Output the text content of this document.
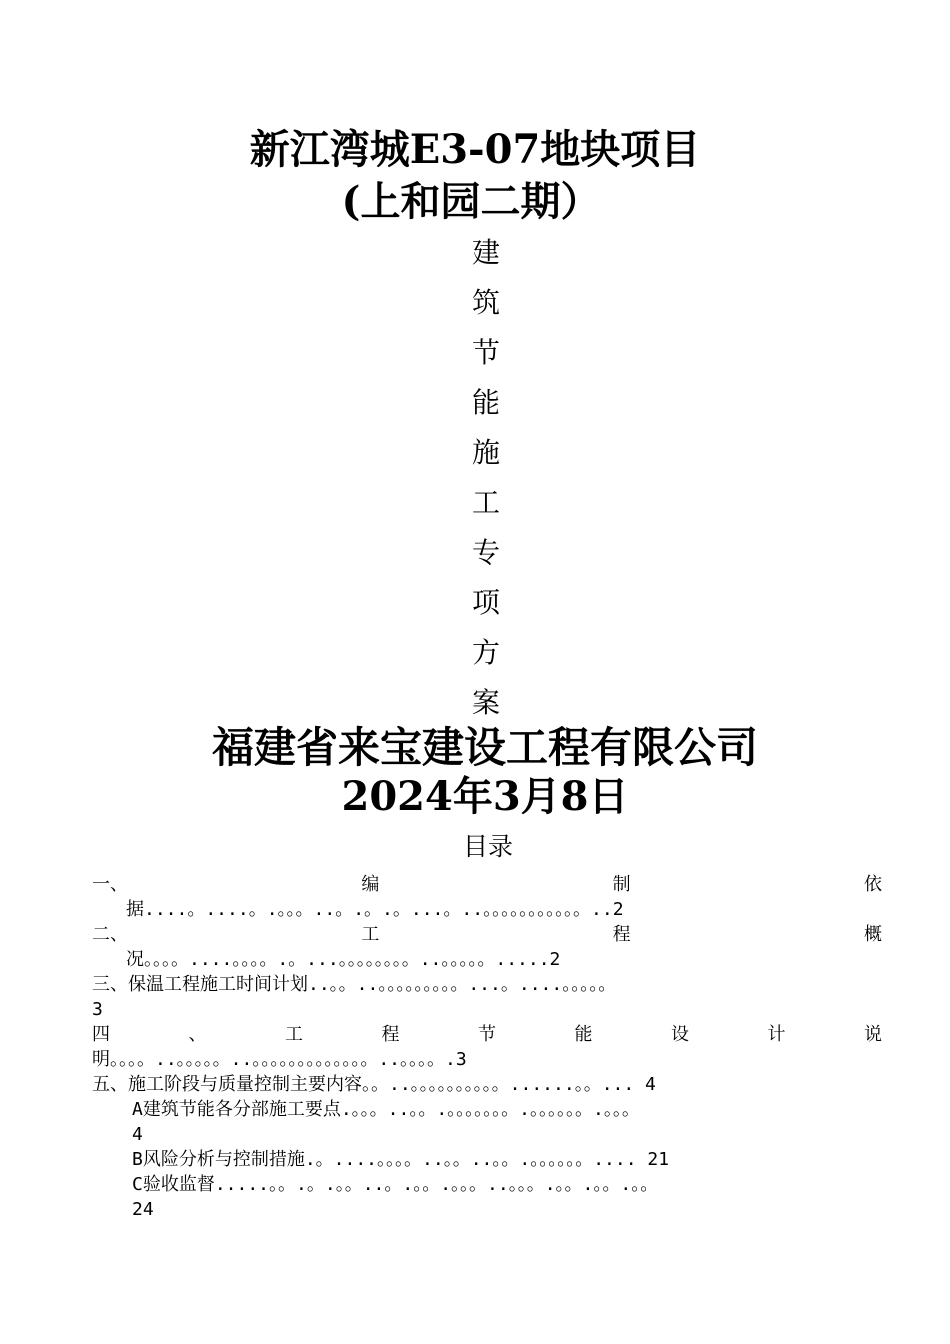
新江湾城E3-07地块项目
(上和园二期）
建
筑
节
能
施
工
专
项
方
案
福建省来宝建设工程有限公司
2024年3月8日
目录
一、	编	制	依
据....。....。.。。。..。.。.。...。..。。。。。。。。。。。..2
二、	工	程	概
况。。。。....。。。。.。...。。。。。。。。..。。。。。.....2
三、保温工程施工时间计划..。。..。。。。。。。。。...。....。。。。。
3
四	、	工	程	节	能	设	计	说
明。。。。..。。。。。..。。。。。。。。。。。。。..。。。。.3
五、施工阶段与质量控制主要内容。。..。。。。。。。。。。......。。... 4
A建筑节能各分部施工要点.。。。..。。.。。。。。。。.。。。。。。.。。。
4
B风险分析与控制措施.。....。。。。..。。..。。.。。。。。。.... 21
C验收监督.....。。.。.。。..。.。。.。。。..。。。.。。.。。.。。
24
